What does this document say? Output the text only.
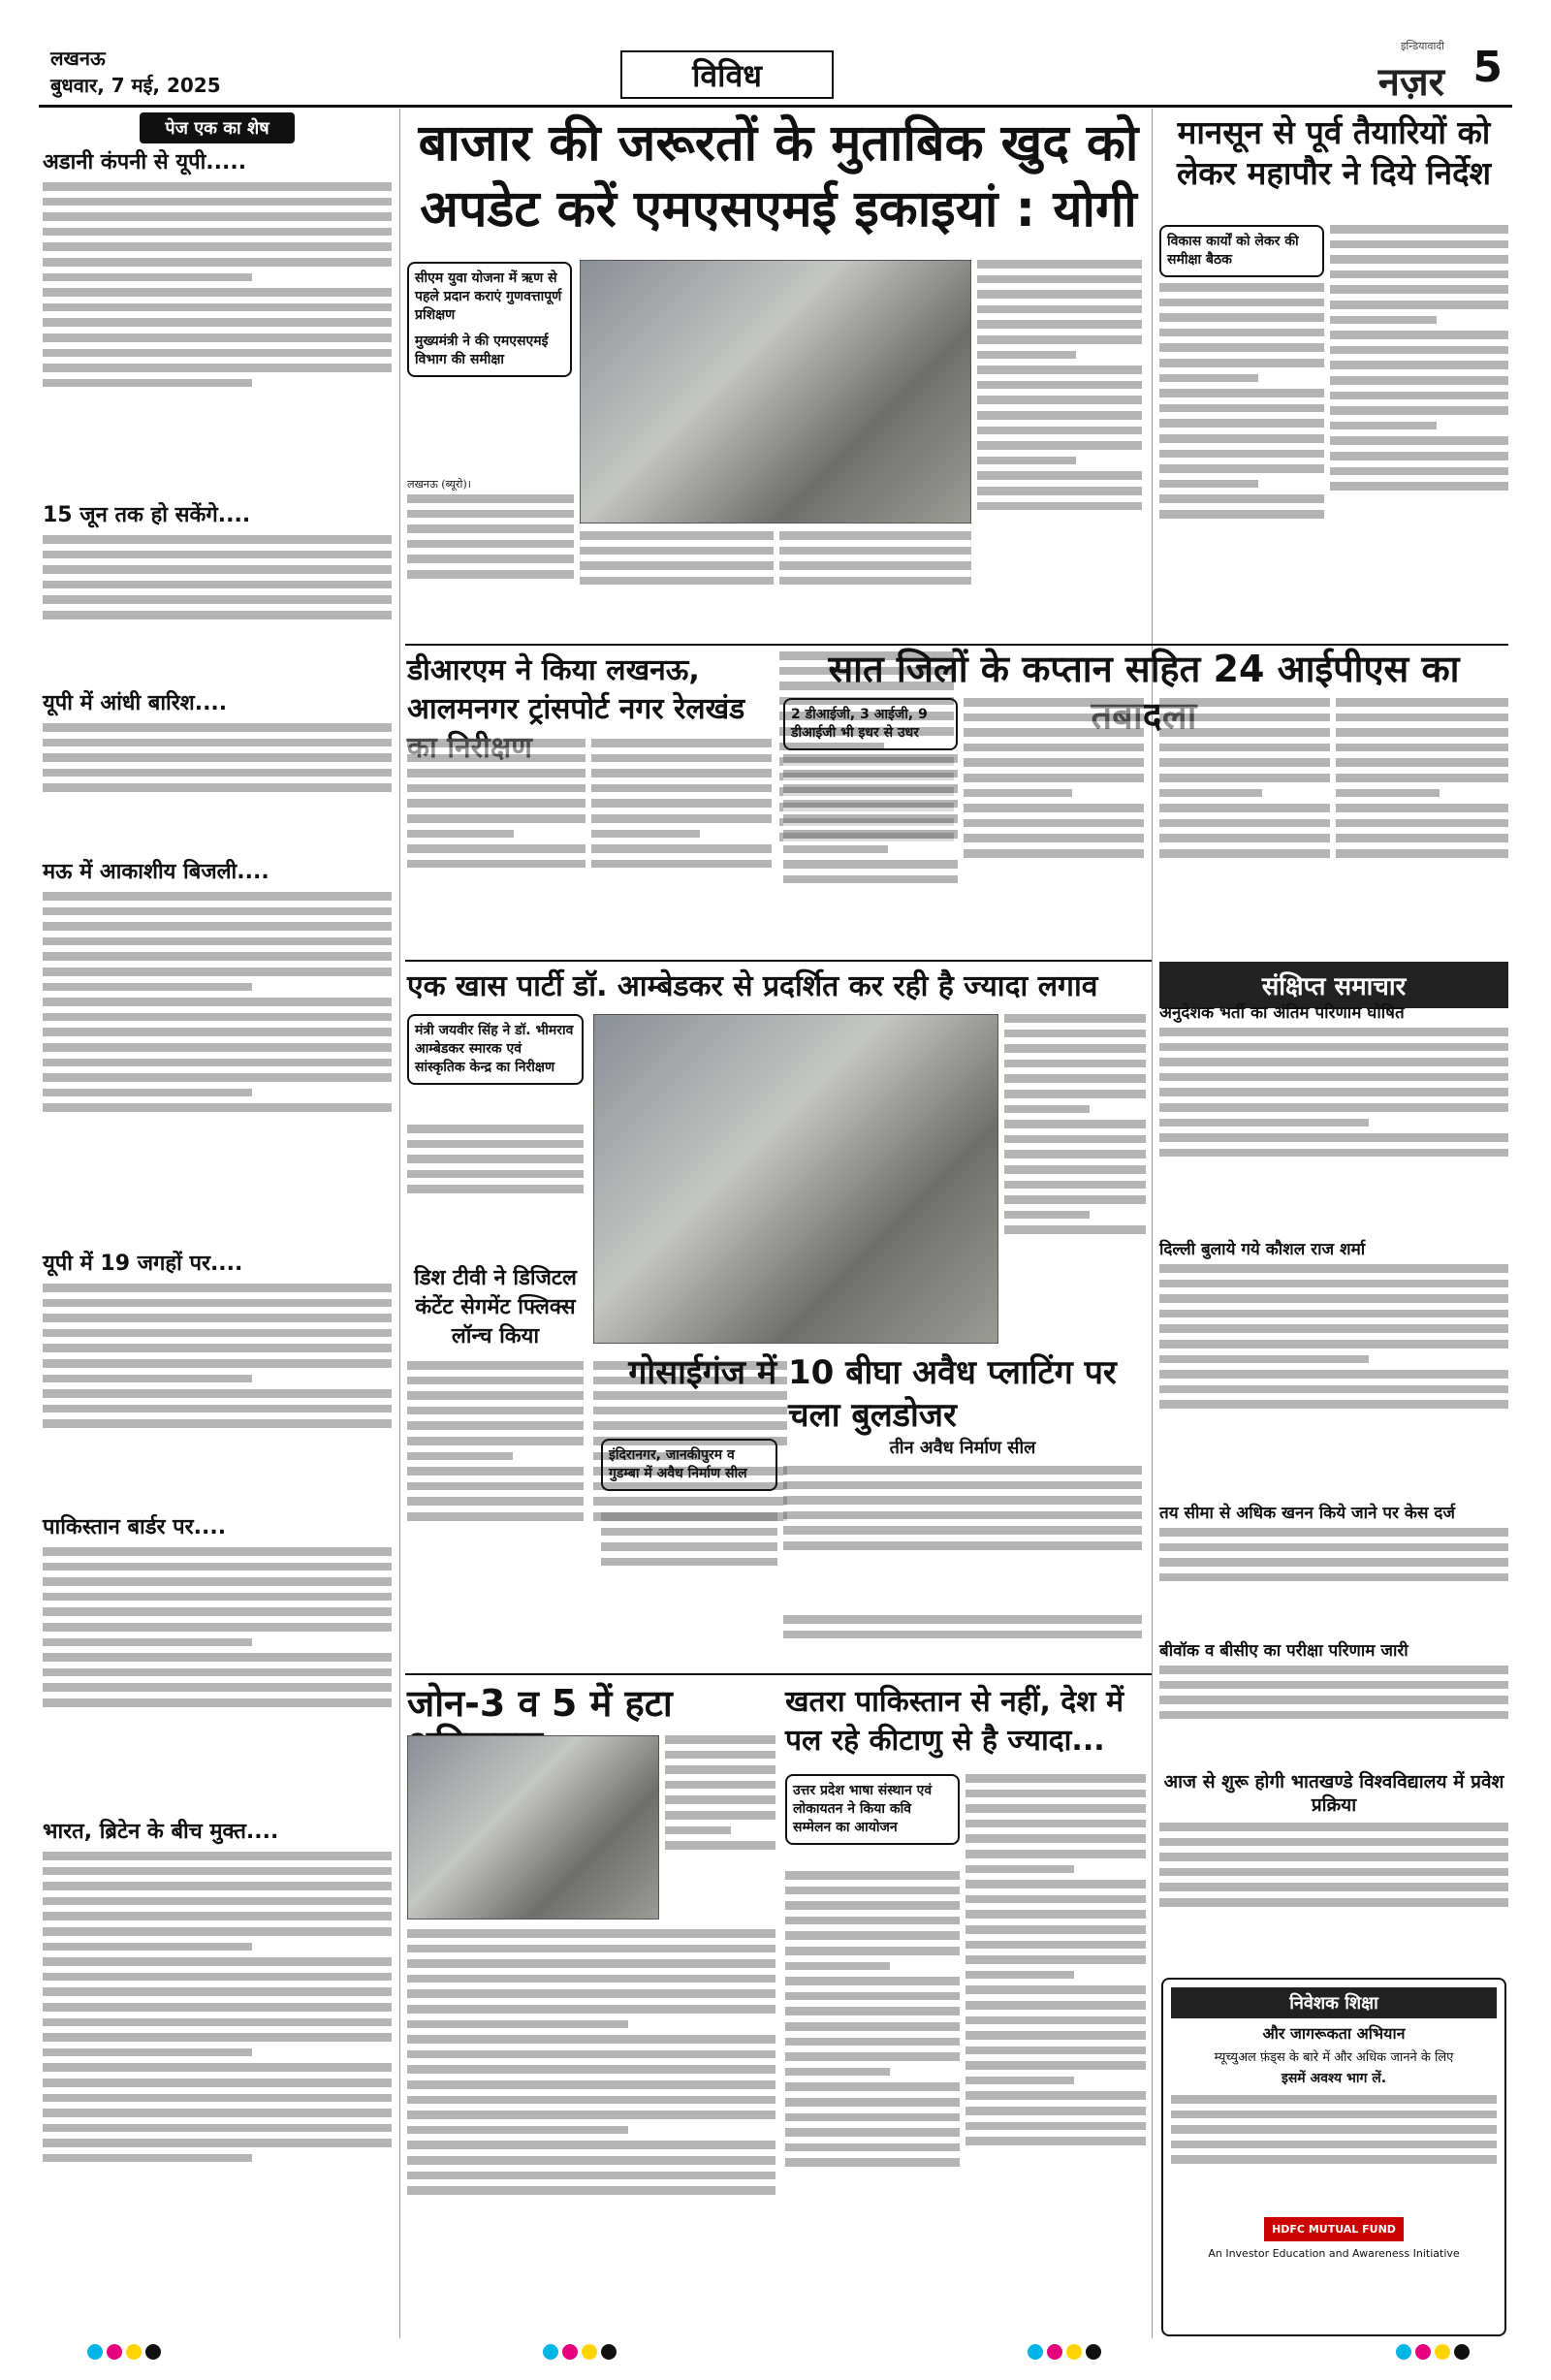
लखनऊ
बुधवार, 7 मई, 2025	विविध
इन्डियावादी
नज़र 5
पेज एक का शेष
अडानी कंपनी से यूपी.....
15 जून तक हो सकेंगे....
यूपी में आंधी बारिश....
मऊ में आकाशीय बिजली....
यूपी में 19 जगहों पर....
पाकिस्तान बार्डर पर....
भारत, ब्रिटेन के बीच मुक्त....
बाजार की जरूरतों के मुताबिक खुद को
अपडेट करें एमएसएमई इकाइयां : योगी
सीएम युवा योजना में ऋण से पहले प्रदान कराएं गुणवत्तापूर्ण प्रशिक्षण
मुख्यमंत्री ने की एमएसएमई विभाग की समीक्षा
लखनऊ (ब्यूरो)।
मानसून से पूर्व तैयारियों को लेकर महापौर ने दिये निर्देश
विकास कार्यों को लेकर की समीक्षा बैठक
डीआरएम ने किया लखनऊ, आलमनगर ट्रांसपोर्ट नगर रेलखंड
सात जिलों के कप्तान सहित 24 आईपीएस का
2 डीआईजी, 3 आईजी, 9 डीआईजी भी इधर से उधर
संक्षिप्त समाचार
अनुदेशक भर्ती का अंतिम परिणाम घोषित
दिल्ली बुलाये गये कौशल राज शर्मा
तय सीमा से अधिक खनन किये जाने पर केस दर्ज
बीवॉक व बीसीए का परीक्षा परिणाम जारी
आज से शुरू होगी भातखण्डे विश्वविद्यालय में प्रवेश प्रक्रिया
एक खास पार्टी डॉ. आम्बेडकर से प्रदर्शित कर रही है ज्यादा लगाव
मंत्री जयवीर सिंह ने डॉ. भीमराव आम्बेडकर स्मारक एवं सांस्कृतिक केन्द्र का निरीक्षण
डिश टीवी ने डिजिटल कंटेंट सेगमेंट फ्लिक्स लॉन्च किया
गोसाईगंज में 10 बीघा अवैध प्लाटिंग पर चला बुलडोजर
इंदिरानगर, जानकीपुरम व गुडम्बा में अवैध निर्माण सील
तीन अवैध निर्माण सील
जोन-3 व 5 में हटा	खतरा पाकिस्तान से नहीं, देश में पल रहे कीटाणु से है ज्यादा...
उत्तर प्रदेश भाषा संस्थान एवं लोकायतन ने किया कवि सम्मेलन का आयोजन
निवेशक शिक्षा
और जागरूकता अभियान
म्यूच्युअल फ़ंड्स के बारे में और अधिक जानने के लिए
इसमें अवश्य भाग लें.
HDFC MUTUAL FUND
An Investor Education and Awareness Initiative
